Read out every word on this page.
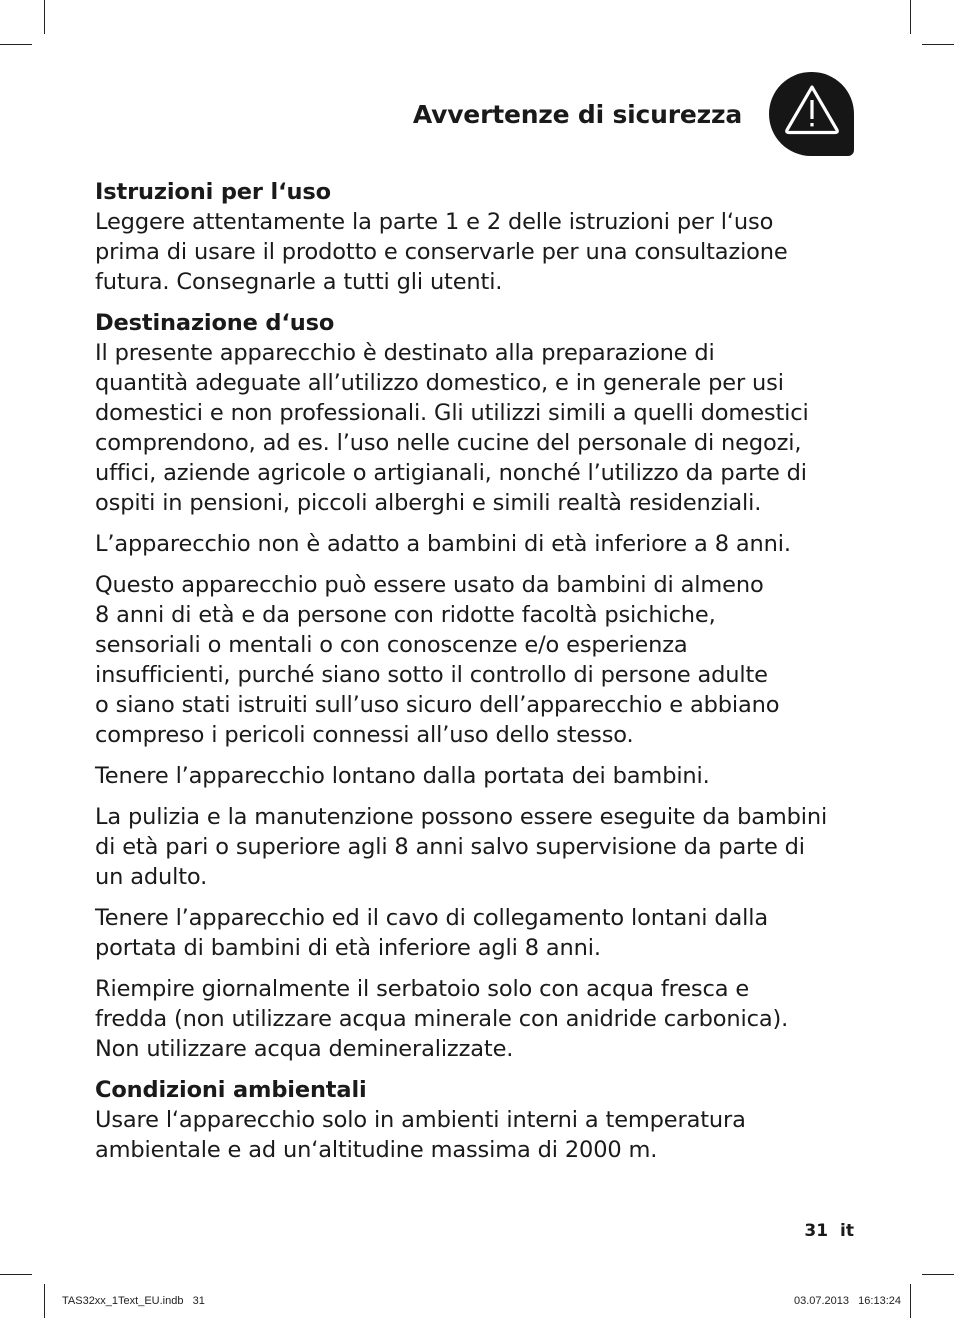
Avvertenze di sicurezza
Istruzioni per l‘uso
Leggere attentamente la parte 1 e 2 delle istruzioni per l‘uso
prima di usare il prodotto e conservarle per una consultazione
futura. Consegnarle a tutti gli utenti.
Destinazione d‘uso
Il presente apparecchio è destinato alla preparazione di
quantità adeguate all’utilizzo domestico, e in generale per usi
domestici e non professionali. Gli utilizzi simili a quelli domestici
comprendono, ad es. l’uso nelle cucine del personale di negozi,
uffici, aziende agricole o artigianali, nonché l’utilizzo da parte di
ospiti in pensioni, piccoli alberghi e simili realtà residenziali.
L’apparecchio non è adatto a bambini di età inferiore a 8 anni.
Questo apparecchio può essere usato da bambini di almeno
8 anni di età e da persone con ridotte facoltà psichiche,
sensoriali o mentali o con conoscenze e/o esperienza
insufficienti, purché siano sotto il controllo di persone adulte
o siano stati istruiti sull’uso sicuro dell’apparecchio e abbiano
compreso i pericoli connessi all’uso dello stesso.
Tenere l’apparecchio lontano dalla portata dei bambini.
La pulizia e la manutenzione possono essere eseguite da bambini
di età pari o superiore agli 8 anni salvo supervisione da parte di
un adulto.
Tenere l’apparecchio ed il cavo di collegamento lontani dalla
portata di bambini di età inferiore agli 8 anni.
Riempire giornalmente il serbatoio solo con acqua fresca e
fredda (non utilizzare acqua minerale con anidride carbonica).
Non utilizzare acqua demineralizzate.
Condizioni ambientali
Usare l‘apparecchio solo in ambienti interni a temperatura
ambientale e ad un‘altitudine massima di 2000 m.
31 it
TAS32xx_1Text_EU.indb   31	03.07.2013   16:13:24
